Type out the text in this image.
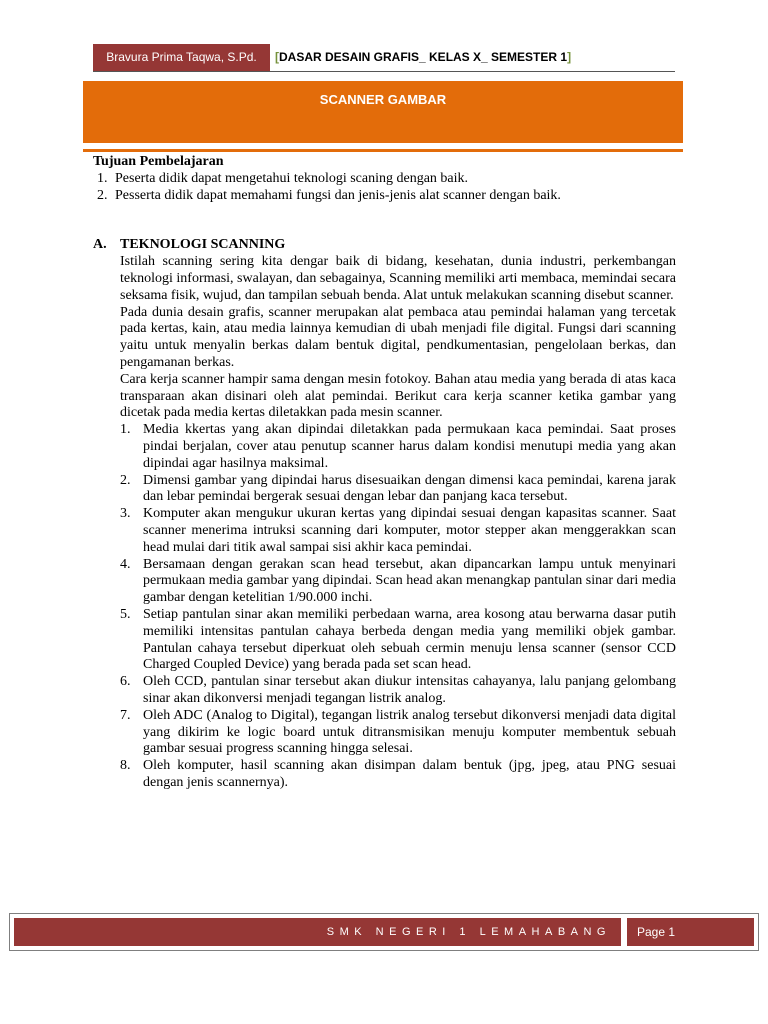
Bravura Prima Taqwa, S.Pd.	[DASAR DESAIN GRAFIS_ KELAS X_ SEMESTER 1]
SCANNER GAMBAR

Tujuan Pembelajaran

1. Peserta didik dapat mengetahui teknologi scaning dengan baik.
2. Pesserta didik dapat memahami fungsi dan jenis-jenis alat scanner dengan baik.
A. TEKNOLOGI SCANNING

Istilah scanning sering kita dengar baik di bidang, kesehatan, dunia industri, perkembangan teknologi informasi, swalayan, dan sebagainya, Scanning memiliki arti membaca, memindai secara seksama fisik, wujud, dan tampilan sebuah benda. Alat untuk melakukan scanning disebut scanner.

Pada dunia desain grafis, scanner merupakan alat pembaca atau pemindai halaman yang tercetak pada kertas, kain, atau media lainnya kemudian di ubah menjadi file digital. Fungsi dari scanning yaitu untuk menyalin berkas dalam bentuk digital, pendkumentasian, pengelolaan berkas, dan pengamanan berkas.

Cara kerja scanner hampir sama dengan mesin fotokoy. Bahan atau media yang berada di atas kaca transparaan akan disinari oleh alat pemindai. Berikut cara kerja scanner ketika gambar yang dicetak pada media kertas diletakkan pada mesin scanner.

1. Media kkertas yang akan dipindai diletakkan pada permukaan kaca pemindai. Saat proses pindai berjalan, cover atau penutup scanner harus dalam kondisi menutupi media yang akan dipindai agar hasilnya maksimal.
2. Dimensi gambar yang dipindai harus disesuaikan dengan dimensi kaca pemindai, karena jarak dan lebar pemindai bergerak sesuai dengan lebar dan panjang kaca tersebut.
3. Komputer akan mengukur ukuran kertas yang dipindai sesuai dengan kapasitas scanner. Saat scanner menerima intruksi scanning dari komputer, motor stepper akan menggerakkan scan head mulai dari titik awal sampai sisi akhir kaca pemindai.
4. Bersamaan dengan gerakan scan head tersebut, akan dipancarkan lampu untuk menyinari permukaan media gambar yang dipindai. Scan head akan menangkap pantulan sinar dari media gambar dengan ketelitian 1/90.000 inchi.
5. Setiap pantulan sinar akan memiliki perbedaan warna, area kosong atau berwarna dasar putih memiliki intensitas pantulan cahaya berbeda dengan media yang memiliki objek gambar. Pantulan cahaya tersebut diperkuat oleh sebuah cermin menuju lensa scanner (sensor CCD Charged Coupled Device) yang berada pada set scan head.
6. Oleh CCD, pantulan sinar tersebut akan diukur intensitas cahayanya, lalu panjang gelombang sinar akan dikonversi menjadi tegangan listrik analog.
7. Oleh ADC (Analog to Digital), tegangan listrik analog tersebut dikonversi menjadi data digital yang dikirim ke logic board untuk ditransmisikan menuju komputer membentuk sebuah gambar sesuai progress scanning hingga selesai.
8. Oleh komputer, hasil scanning akan disimpan dalam bentuk (jpg, jpeg, atau PNG sesuai dengan jenis scannernya).
SMK NEGERI 1 LEMAHABANG	Page 1
